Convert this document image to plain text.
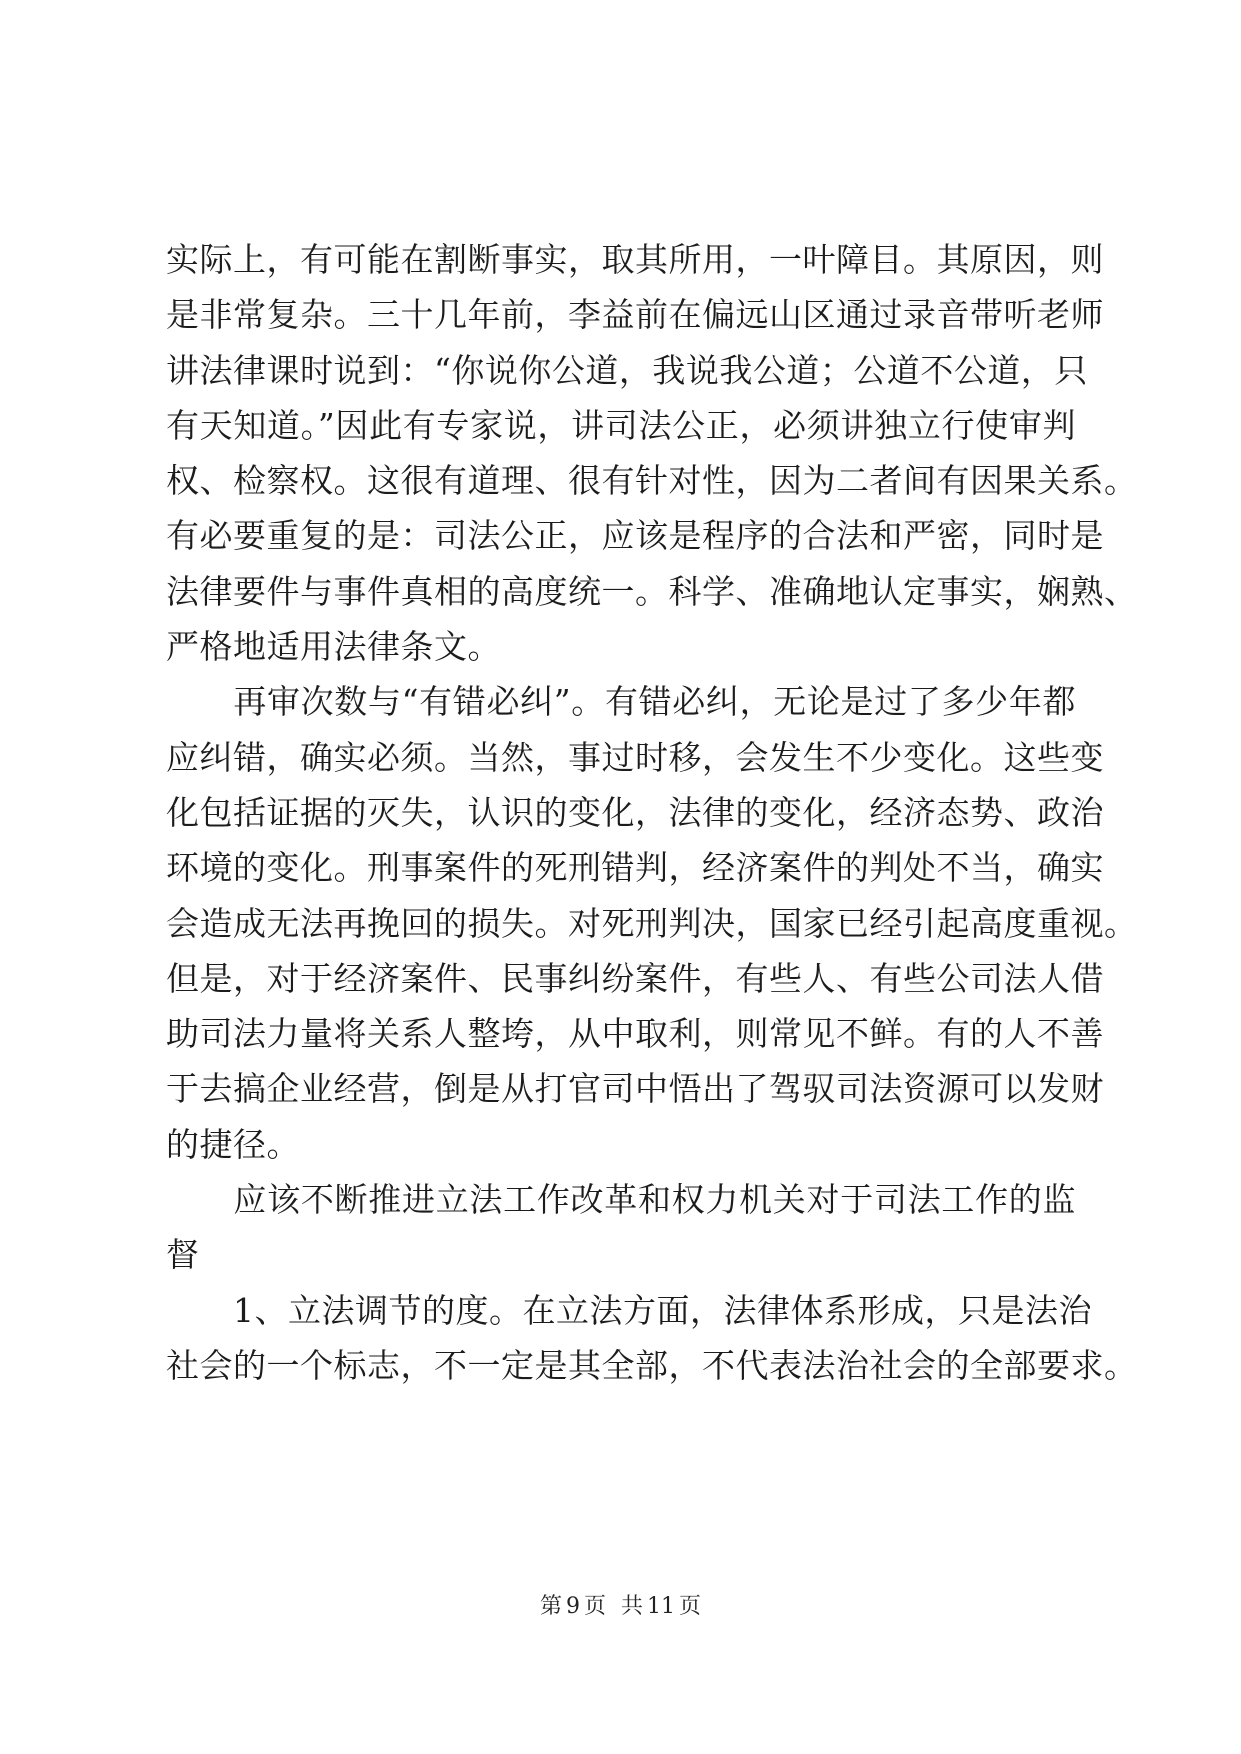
实际上，有可能在割断事实，取其所用，一叶障目。其原因，则
是非常复杂。三十几年前，李益前在偏远山区通过录音带听老师
讲法律课时说到：“你说你公道，我说我公道；公道不公道，只
有天知道。”因此有专家说，讲司法公正，必须讲独立行使审判
权、检察权。这很有道理、很有针对性，因为二者间有因果关系。
有必要重复的是：司法公正，应该是程序的合法和严密，同时是
法律要件与事件真相的高度统一。科学、准确地认定事实，娴熟、
严格地适用法律条文。
　　再审次数与“有错必纠”。有错必纠，无论是过了多少年都
应纠错，确实必须。当然，事过时移，会发生不少变化。这些变
化包括证据的灭失，认识的变化，法律的变化，经济态势、政治
环境的变化。刑事案件的死刑错判，经济案件的判处不当，确实
会造成无法再挽回的损失。对死刑判决，国家已经引起高度重视。
但是，对于经济案件、民事纠纷案件，有些人、有些公司法人借
助司法力量将关系人整垮，从中取利，则常见不鲜。有的人不善
于去搞企业经营，倒是从打官司中悟出了驾驭司法资源可以发财
的捷径。
　　应该不断推进立法工作改革和权力机关对于司法工作的监
督
　　1、立法调节的度。在立法方面，法律体系形成，只是法治
社会的一个标志，不一定是其全部，不代表法治社会的全部要求。
第 9 页 共 11 页
